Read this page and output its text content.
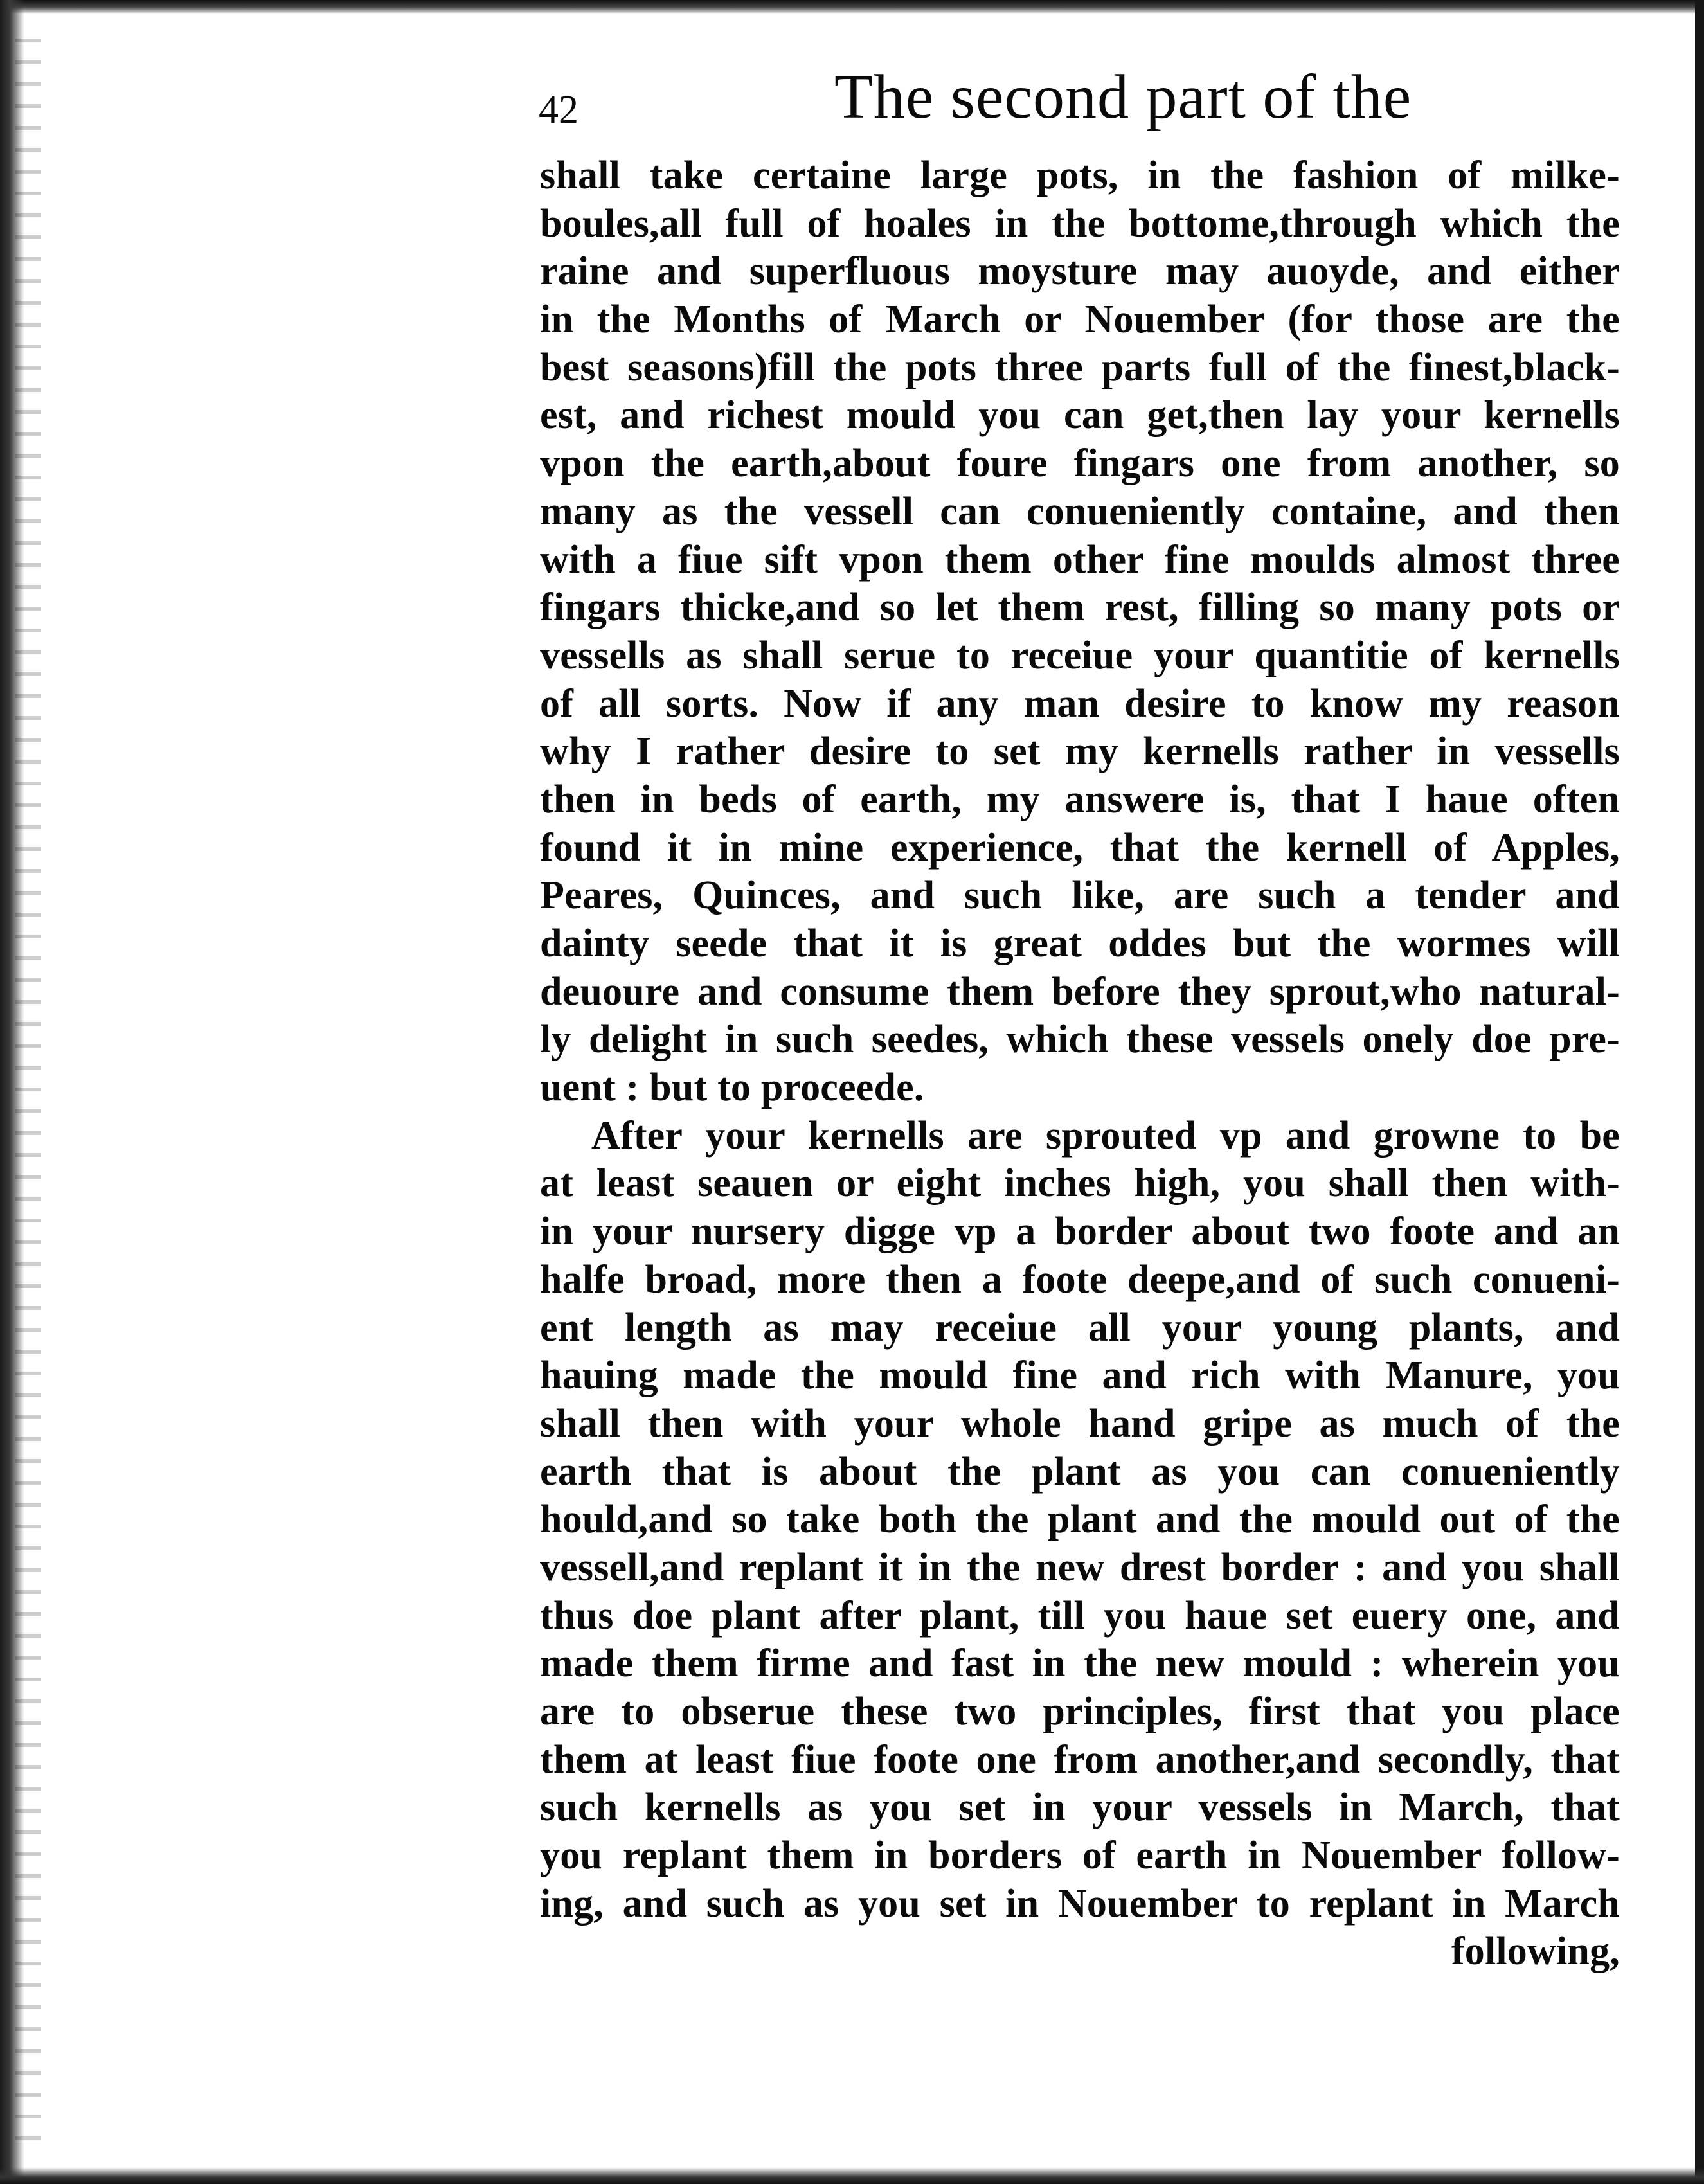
42	The second part of the
shall take certaine large pots, in the fashion of milke-
boules,all full of hoales in the bottome,through which the
raine and superfluous moysture may auoyde, and either
in the Months of March or Nouember (for those are the
best seasons)fill the pots three parts full of the finest,black-
est, and richest mould you can get,then lay your kernells
vpon the earth,about foure fingars one from another, so
many as the vessell can conueniently containe, and then
with a fiue sift vpon them other fine moulds almost three
fingars thicke,and so let them rest, filling so many pots or
vessells as shall serue to receiue your quantitie of kernells
of all sorts. Now if any man desire to know my reason
why I rather desire to set my kernells rather in vessells
then in beds of earth, my answere is, that I haue often
found it in mine experience, that the kernell of Apples,
Peares, Quinces, and such like, are such a tender and
dainty seede that it is great oddes but the wormes will
deuoure and consume them before they sprout,who natural-
ly delight in such seedes, which these vessels onely doe pre-
uent : but to proceede.
After your kernells are sprouted vp and growne to be
at least seauen or eight inches high, you shall then with-
in your nursery digge vp a border about two foote and an
halfe broad, more then a foote deepe,and of such conueni-
ent length as may receiue all your young plants, and
hauing made the mould fine and rich with Manure, you
shall then with your whole hand gripe as much of the
earth that is about the plant as you can conueniently
hould,and so take both the plant and the mould out of the
vessell,and replant it in the new drest border : and you shall
thus doe plant after plant, till you haue set euery one, and
made them firme and fast in the new mould : wherein you
are to obserue these two principles, first that you place
them at least fiue foote one from another,and secondly, that
such kernells as you set in your vessels in March, that
you replant them in borders of earth in Nouember follow-
ing, and such as you set in Nouember to replant in March
following,
